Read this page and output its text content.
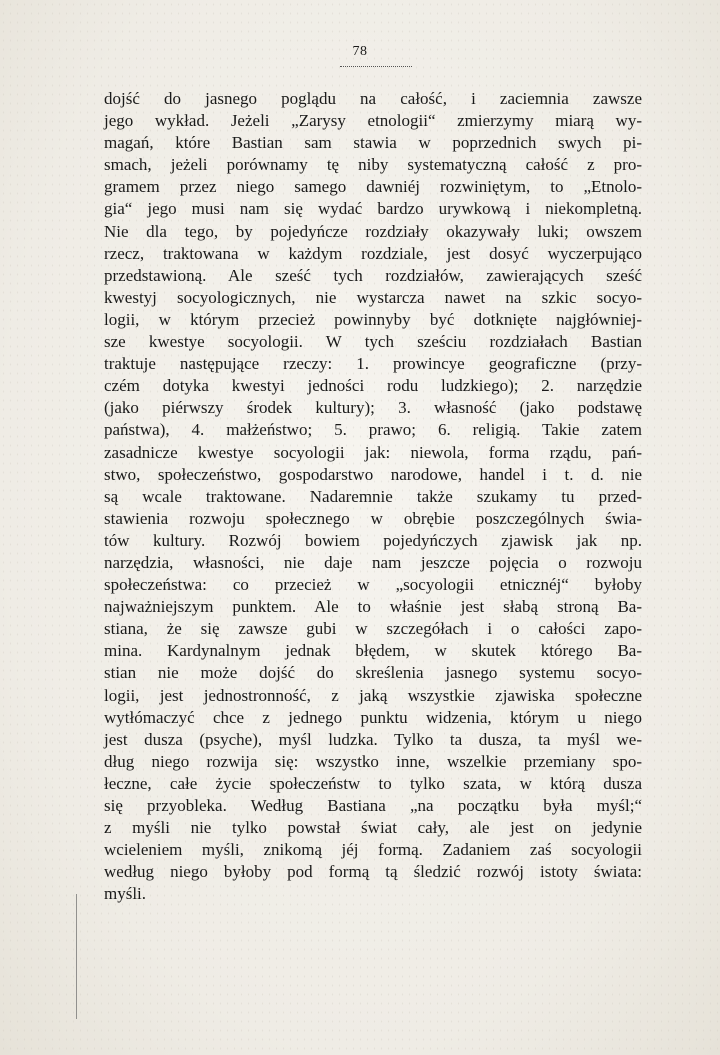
78
dojść do jasnego poglądu na całość, i zaciemnia zawsze
jego wykład. Jeżeli „Zarysy etnologii“ zmierzymy miarą wy-
magań, które Bastian sam stawia w poprzednich swych pi-
smach, jeżeli porównamy tę niby systematyczną całość z pro-
gramem przez niego samego dawniéj rozwiniętym, to „Etnolo-
gia“ jego musi nam się wydać bardzo urywkową i niekompletną.
Nie dla tego, by pojedyńcze rozdziały okazywały luki; owszem
rzecz, traktowana w każdym rozdziale, jest dosyć wyczerpująco
przedstawioną. Ale sześć tych rozdziałów, zawierających sześć
kwestyj socyologicznych, nie wystarcza nawet na szkic socyo-
logii, w którym przecież powinnyby być dotknięte najgłówniej-
sze kwestye socyologii. W tych sześciu rozdziałach Bastian
traktuje następujące rzeczy: 1. prowincye geograficzne (przy-
czém dotyka kwestyi jedności rodu ludzkiego); 2. narzędzie
(jako piérwszy środek kultury); 3. własność (jako podstawę
państwa), 4. małżeństwo; 5. prawo; 6. religią. Takie zatem
zasadnicze kwestye socyologii jak: niewola, forma rządu, pań-
stwo, społeczeństwo, gospodarstwo narodowe, handel i t. d. nie
są wcale traktowane. Nadaremnie także szukamy tu przed-
stawienia rozwoju społecznego w obrębie poszczególnych świa-
tów kultury. Rozwój bowiem pojedyńczych zjawisk jak np.
narzędzia, własności, nie daje nam jeszcze pojęcia o rozwoju
społeczeństwa: co przecież w „socyologii etnicznéj“ byłoby
najważniejszym punktem. Ale to właśnie jest słabą stroną Ba-
stiana, że się zawsze gubi w szczegółach i o całości zapo-
mina. Kardynalnym jednak błędem, w skutek którego Ba-
stian nie może dojść do skreślenia jasnego systemu socyo-
logii, jest jednostronność, z jaką wszystkie zjawiska społeczne
wytłómaczyć chce z jednego punktu widzenia, którym u niego
jest dusza (psyche), myśl ludzka. Tylko ta dusza, ta myśl we-
dług niego rozwija się: wszystko inne, wszelkie przemiany spo-
łeczne, całe życie społeczeństw to tylko szata, w którą dusza
się przyobleka. Według Bastiana „na początku była myśl;“
z myśli nie tylko powstał świat cały, ale jest on jedynie
wcieleniem myśli, znikomą jéj formą. Zadaniem zaś socyologii
według niego byłoby pod formą tą śledzić rozwój istoty świata:
myśli.
